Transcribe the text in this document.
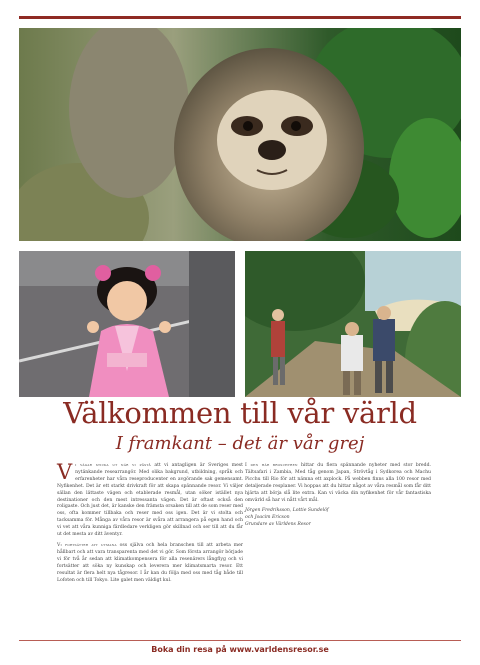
Välkommen till vår värld
I framkant – det är vår grej

V i vägar sticka ut när vi påstå att vi antagligen är Sveriges mest nytänkande researrangör. Med olika bakgrund, utbildning, språk och erfarenheter har våra reseproducenter en avgörande sak gemensamt. Nyfikenhet. Det är ett starkt drivkraft för att skapa spännande resor. Vi väljer sällan den lättaste vägen och etablerade resmål, utan söker istället nya destinationer och den mest intressanta vägen. Det är oftast också den roligaste. Och just det, är kanske den främsta orsaken till att de som reser med oss, ofta kommer tillbaka och reser med oss igen. Det är vi stolta och tacksamma för. Många av våra resor är svåra att arrangera på egen hand och vi vet att våra kunniga färdledare verkligen gör skillnad och ser till att du får ut det mesta av ditt äventyr.

Vi fortsätter att utmana oss själva och hela branschen till att arbeta mer hållbart och att vara transparenta med det vi gör. Som första arrangör började vi för två år sedan att klimatkompensera för alla resenärers långflyg och vi fortsätter att söka ny kunskap och leverera mer klimatsmarta resor. Ett resultat är flera helt nya tågresor. I år kan du följa med oss med tåg både till Lofoten och till Tokyo. Lite galet men väldigt kul.

I den här broschyren hittar du flera spännande nyheter med stor bredd. Tältsafari i Zambia, Med tåg genom Japan, Strövtåg i Sydkorea och Machu Picchu till Rio för att nämna ett axplock. På webben finns alla 100 resor med detaljerade resplaner. Vi hoppas att du hittar något av våra resmål som får ditt hjärta att börja slå lite extra. Kan vi väcka din nyfikenhet för vår fantastiska omvärld så har vi nått vårt mål.

Jörgen Fredriksson, Lottie Sundelöf
och Joacim Ericson
Grundare av Världens Resor

Boka din resa på www.varldensresor.se
